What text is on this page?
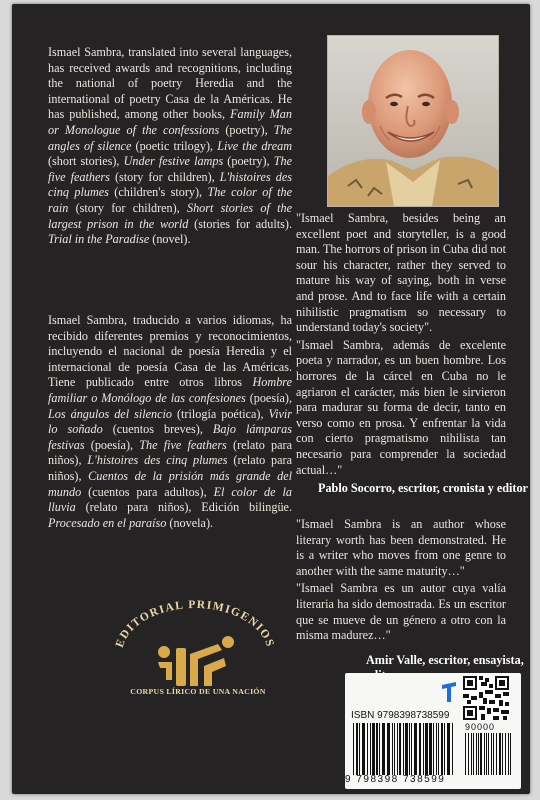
Ismael Sambra, translated into several languages, has received awards and recognitions, including the national of poetry Heredia and the international of poetry Casa de la Américas. He has published, among other books, Family Man or Monologue of the confessions (poetry), The angles of silence (poetic trilogy), Live the dream (short stories), Under festive lamps (poetry), The five feathers (story for children), L'histoires des cinq plumes (children's story), The color of the rain (story for children), Short stories of the largest prison in the world (stories for adults). Trial in the Paradise (novel).
Ismael Sambra, traducido a varios idiomas, ha recibido diferentes premios y reconocimientos, incluyendo el nacional de poesía Heredia y el internacional de poesía Casa de las Américas. Tiene publicado entre otros libros Hombre familiar o Monólogo de las confesiones (poesía), Los ángulos del silencio (trilogía poética), Vivir lo soñado (cuentos breves), Bajo lámparas festivas (poesía), The five feathers (relato para niños), L'histoires des cinq plumes (relato para niños), Cuentos de la prisión más grande del mundo (cuentos para adultos), El color de la lluvia (relato para niños), Edición bilingüe. Procesado en el paraíso (novela).

"Ismael Sambra, besides being an excellent poet and storyteller, is a good man. The horrors of prison in Cuba did not sour his character, rather they served to mature his way of saying, both in verse and prose. And to face life with a certain nihilistic pragmatism so necessary to understand today's society".

"Ismael Sambra, además de excelente poeta y narrador, es un buen hombre. Los horrores de la cárcel en Cuba no le agriaron el carácter, más bien le sirvieron para madurar su forma de decir, tanto en verso como en prosa. Y enfrentar la vida con cierto pragmatismo nihilista tan necesario para comprender la sociedad actual…"

Pablo Socorro, escritor, cronista y editor

"Ismael Sambra is an author whose literary worth has been demonstrated. He is a writer who moves from one genre to another with the same maturity…"

"Ismael Sambra es un autor cuya valía literaria ha sido demostrada. Es un escritor que se mueve de un género a otro con la misma madurez…"

Amir Valle, escritor, ensayista,
EDITORIAL PRIMIGENIOS
CORPUS LÍRICO DE UNA NACIÓN
ISBN 9798398738599
90000
9 798398 738599
